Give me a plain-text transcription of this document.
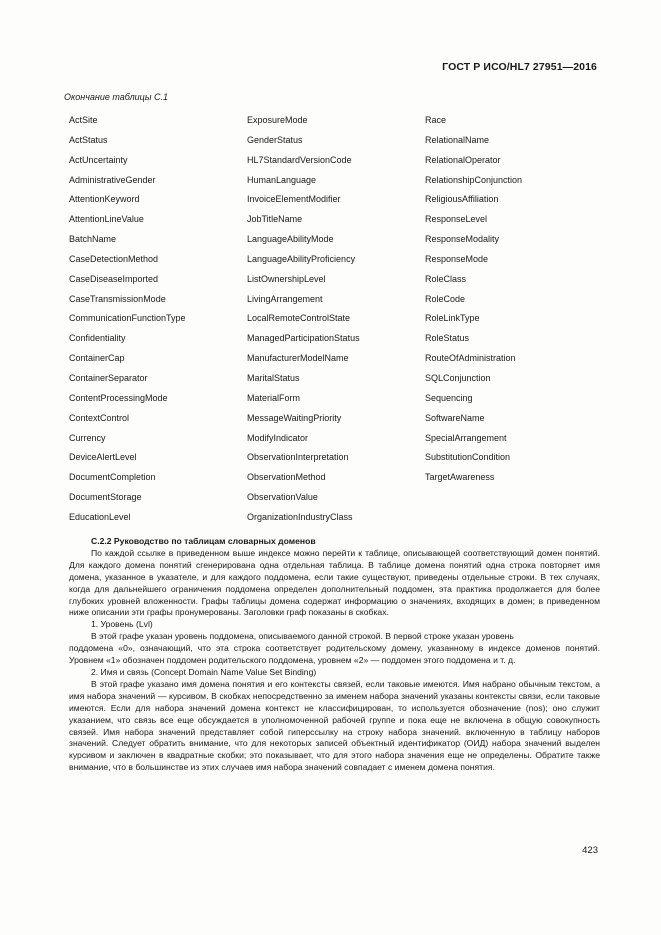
ГОСТ Р ИСО/HL7 27951—2016
Окончание таблицы С.1
ActSite
ActStatus
ActUncertainty
AdministrativeGender
AttentionKeyword
AttentionLineValue
BatchName
CaseDetectionMethod
CaseDiseaseImported
CaseTransmissionMode
CommunicationFunctionType
Confidentiality
ContainerCap
ContainerSeparator
ContentProcessingMode
ContextControl
Currency
DeviceAlertLevel
DocumentCompletion
DocumentStorage
EducationLevel
ExposureMode
GenderStatus
HL7StandardVersionCode
HumanLanguage
InvoiceElementModifier
JobTitleName
LanguageAbilityMode
LanguageAbilityProficiency
ListOwnershipLevel
LivingArrangement
LocalRemoteControlState
ManagedParticipationStatus
ManufacturerModelName
MaritalStatus
MaterialForm
MessageWaitingPriority
ModifyIndicator
ObservationInterpretation
ObservationMethod
ObservationValue
OrganizationIndustryClass
Race
RelationalName
RelationalOperator
RelationshipConjunction
ReligiousAffiliation
ResponseLevel
ResponseModality
ResponseMode
RoleClass
RoleCode
RoleLinkType
RoleStatus
RouteOfAdministration
SQLConjunction
Sequencing
SoftwareName
SpecialArrangement
SubstitutionCondition
TargetAwareness

С.2.2 Руководство по таблицам словарных доменов

По каждой ссылке в приведенном выше индексе можно перейти к таблице, описывающей соответствующий домен понятий. Для каждого домена понятий сгенерирована одна отдельная таблица. В таблице домена понятий одна строка повторяет имя домена, указанное в указателе, и для каждого поддомена, если такие существуют, приведены отдельные строки. В тех случаях, когда для дальнейшего ограничения поддомена определен дополнительный поддомен, эта практика продолжается для более глубоких уровней вложенности. Графы таблицы домена содержат информацию о значениях, входящих в домен; в приведенном ниже описании эти графы пронумерованы. Заголовки граф показаны в скобках.

1. Уровень (Lvl)

В этой графе указан уровень поддомена, описываемого данной строкой. В первой строке указан уровень

поддомена «0», означающий, что эта строка соответствует родительскому домену, указанному в индексе доменов понятий. Уровнем «1» обозначен поддомен родительского поддомена, уровнем «2» — поддомен этого поддомена и т. д.

2. Имя и связь (Concept Domain Name Value Set Binding)

В этой графе указано имя домена понятия и его контексты связей, если таковые имеются. Имя набрано обычным текстом, а имя набора значений — курсивом. В скобках непосредственно за именем набора значений указаны контексты связи, если таковые имеются. Если для набора значений домена контекст не классифицирован, то используется обозначение (nos); оно служит указанием, что связь все еще обсуждается в уполномоченной рабочей группе и пока еще не включена в общую совокупность связей. Имя набора значений представляет собой гиперссылку на строку набора значений. включенную в таблицу наборов значений. Следует обратить внимание, что для некоторых записей объектный идентификатор (ОИД) набора значений выделен курсивом и заключен в квадратные скобки; это показывает, что для этого набора значения еще не определены. Обратите также внимание, что в большинстве из этих случаев имя набора значений совпадает с именем домена понятия.

423
